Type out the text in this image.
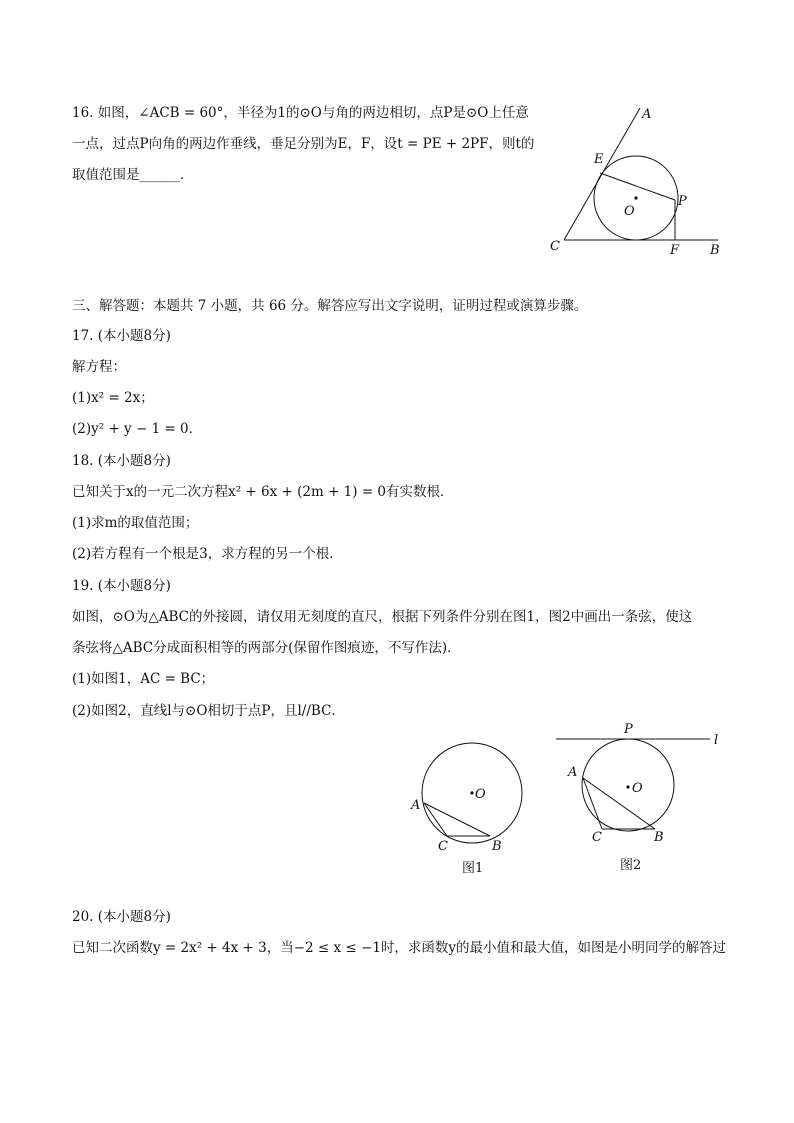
16. 如图，∠ACB = 60°，半径为1的⊙O与角的两边相切，点P是⊙O上任意
一点，过点P向角的两边作垂线，垂足分别为E，F，设t = PE + 2PF，则t的
取值范围是______．
A
E
O
P
C	F B
三、解答题：本题共 7 小题，共 66 分。解答应写出文字说明，证明过程或演算步骤。
17. (本小题8分)
解方程：
(1)x² = 2x；
(2)y² + y − 1 = 0．
18. (本小题8分)
已知关于x的一元二次方程x² + 6x + (2m + 1) = 0有实数根．
(1)求m的取值范围；
(2)若方程有一个根是3，求方程的另一个根．
19. (本小题8分)
如图，⊙O为△ABC的外接圆，请仅用无刻度的直尺，根据下列条件分别在图1，图2中画出一条弦，使这
条弦将△ABC分成面积相等的两部分(保留作图痕迹，不写作法)．
(1)如图1，AC = BC；
(2)如图2，直线l与⊙O相切于点P，且l//BC．
O
A
C	B
图1
P
l
O
A
C	B
图2
20. (本小题8分)
已知二次函数y = 2x² + 4x + 3，当−2 ≤ x ≤ −1时，求函数y的最小值和最大值，如图是小明同学的解答过
